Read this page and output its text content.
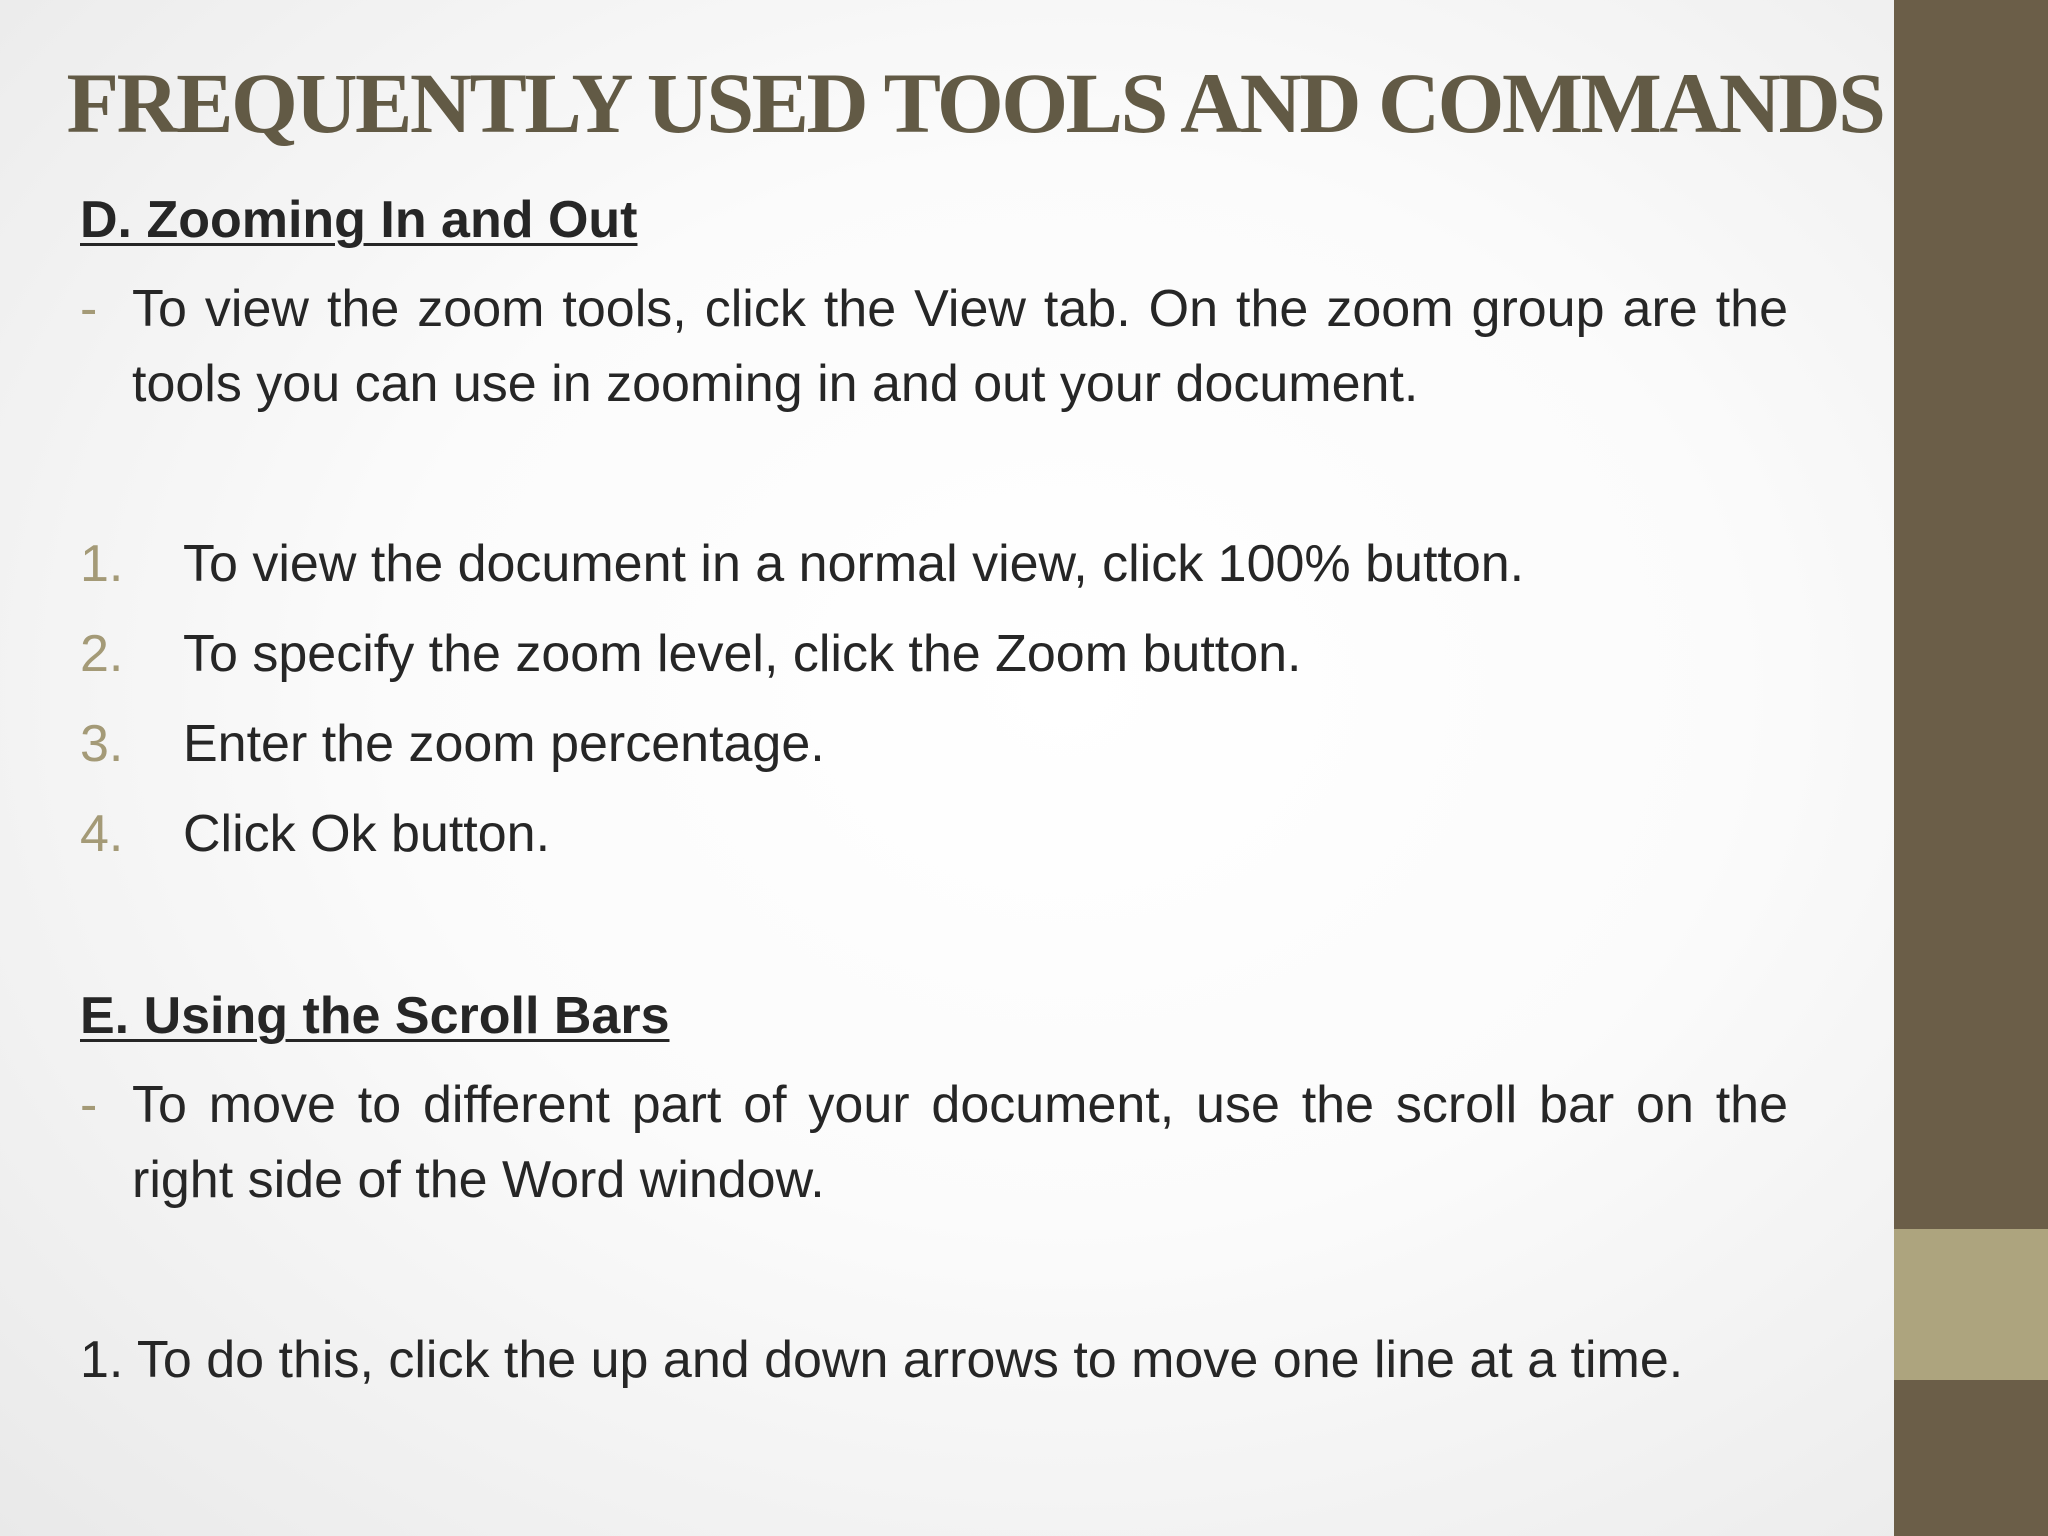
FREQUENTLY USED TOOLS AND COMMANDS
D. Zooming In and Out
- To view the zoom tools, click the View tab. On the zoom group are the tools you can use in zooming in and out your document.
1. To view the document in a normal view, click 100% button.
2. To specify the zoom level, click the Zoom button.
3. Enter the zoom percentage.
4. Click Ok button.
E. Using the Scroll Bars
- To move to different part of your document, use the scroll bar on the right side of the Word window.
1. To do this, click the up and down arrows to move one line at a time.
